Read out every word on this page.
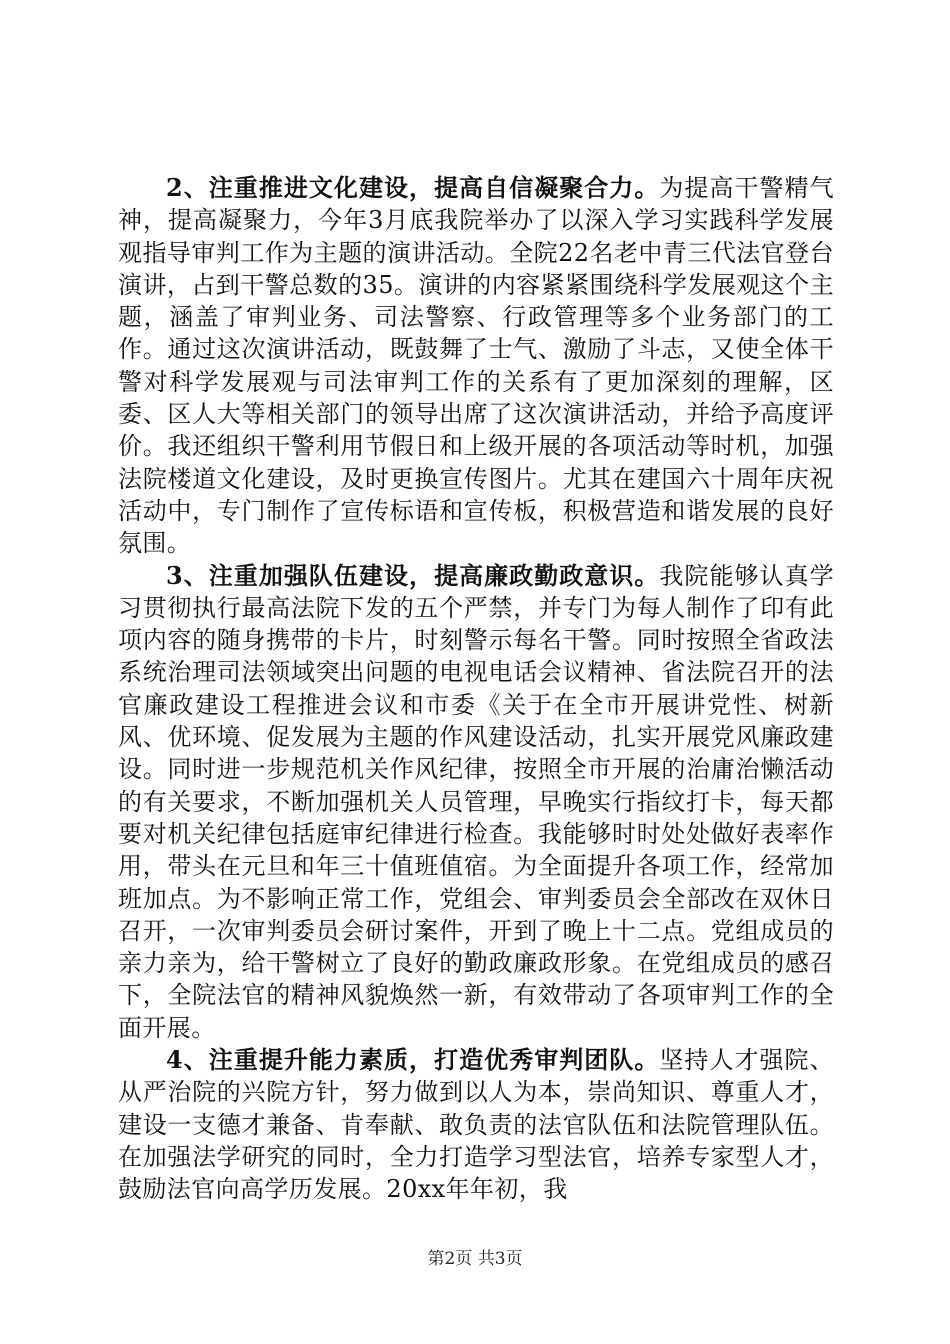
2、注重推进文化建设，提高自信凝聚合力。为提高干警精气神，提高凝聚力，今年3月底我院举办了以深入学习实践科学发展观指导审判工作为主题的演讲活动。全院22名老中青三代法官登台演讲，占到干警总数的35。演讲的内容紧紧围绕科学发展观这个主题，涵盖了审判业务、司法警察、行政管理等多个业务部门的工作。通过这次演讲活动，既鼓舞了士气、激励了斗志，又使全体干警对科学发展观与司法审判工作的关系有了更加深刻的理解，区委、区人大等相关部门的领导出席了这次演讲活动，并给予高度评价。我还组织干警利用节假日和上级开展的各项活动等时机，加强法院楼道文化建设，及时更换宣传图片。尤其在建国六十周年庆祝活动中，专门制作了宣传标语和宣传板，积极营造和谐发展的良好氛围。

3、注重加强队伍建设，提高廉政勤政意识。我院能够认真学习贯彻执行最高法院下发的五个严禁，并专门为每人制作了印有此项内容的随身携带的卡片，时刻警示每名干警。同时按照全省政法系统治理司法领域突出问题的电视电话会议精神、省法院召开的法官廉政建设工程推进会议和市委《关于在全市开展讲党性、树新风、优环境、促发展为主题的作风建设活动，扎实开展党风廉政建设。同时进一步规范机关作风纪律，按照全市开展的治庸治懒活动的有关要求，不断加强机关人员管理，早晚实行指纹打卡，每天都要对机关纪律包括庭审纪律进行检查。我能够时时处处做好表率作用，带头在元旦和年三十值班值宿。为全面提升各项工作，经常加班加点。为不影响正常工作，党组会、审判委员会全部改在双休日召开，一次审判委员会研讨案件，开到了晚上十二点。党组成员的亲力亲为，给干警树立了良好的勤政廉政形象。在党组成员的感召下，全院法官的精神风貌焕然一新，有效带动了各项审判工作的全面开展。

4、注重提升能力素质，打造优秀审判团队。坚持人才强院、从严治院的兴院方针，努力做到以人为本，崇尚知识、尊重人才，建设一支德才兼备、肯奉献、敢负责的法官队伍和法院管理队伍。在加强法学研究的同时，全力打造学习型法官，培养专家型人才，鼓励法官向高学历发展。20xx年年初，我

第2页 共3页
